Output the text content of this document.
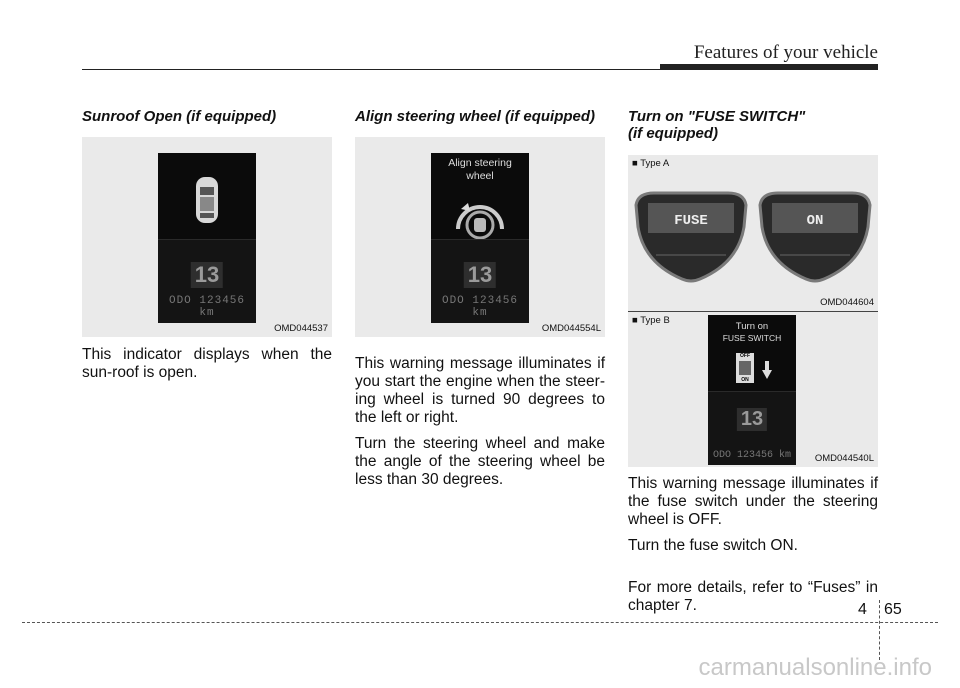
Features of your vehicle
Sunroof Open (if equipped)
13
ODO 123456 km
OMD044537

This indicator displays when the sun-roof is open.

Align steering wheel (if equipped)
Align steering
wheel
13
ODO 123456 km
OMD044554L

This warning message illuminates if you start the engine when the steer-ing wheel is turned 90 degrees to the left or right.

Turn the steering wheel and make the angle of the steering wheel be less than 30 degrees.

Turn on "FUSE SWITCH"
(if equipped)
■ Type A
FUSE	ON
OMD044604
■ Type B
Turn on
FUSE SWITCH
OFF
ON
13
ODO 123456 km	OMD044540L

This warning message illuminates if the fuse switch under the steering wheel is OFF.

Turn the fuse switch ON.

For more details, refer to “Fuses” in chapter 7.	4 65
carmanualsonline.info
